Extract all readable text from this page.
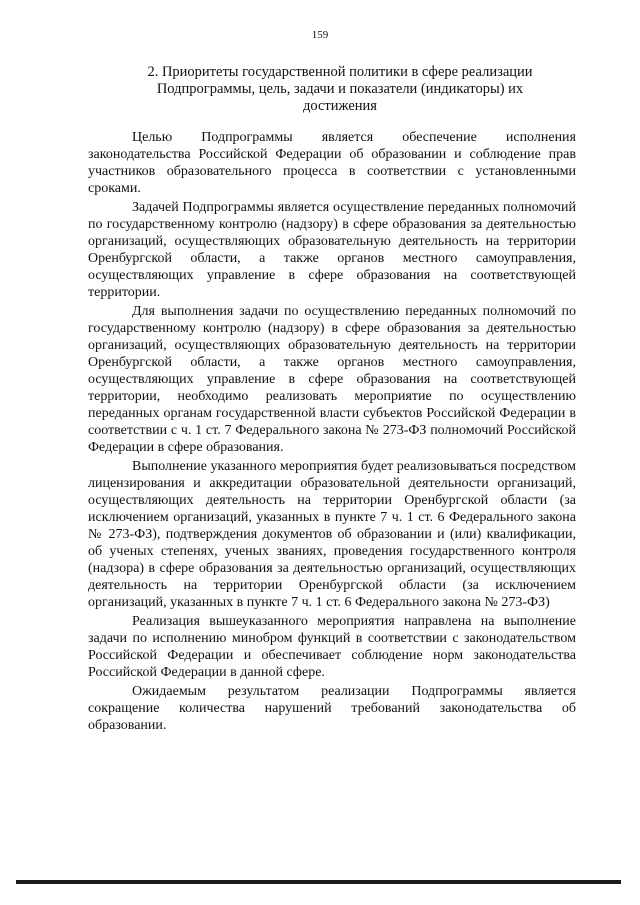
159
2. Приоритеты государственной политики в сфере реализации Подпрограммы, цель, задачи и показатели (индикаторы) их достижения

Целью Подпрограммы является обеспечение исполнения законодательства Российской Федерации об образовании и соблюдение прав участников образовательного процесса в соответствии с установленными сроками.

Задачей Подпрограммы является осуществление переданных полномочий по государственному контролю (надзору) в сфере образования за деятельностью организаций, осуществляющих образовательную деятельность на территории Оренбургской области, а также органов местного самоуправления, осуществляющих управление в сфере образования на соответствующей территории.

Для выполнения задачи по осуществлению переданных полномочий по государственному контролю (надзору) в сфере образования за деятельностью организаций, осуществляющих образовательную деятельность на территории Оренбургской области, а также органов местного самоуправления, осуществляющих управление в сфере образования на соответствующей территории, необходимо реализовать мероприятие по осуществлению переданных органам государственной власти субъектов Российской Федерации в соответствии с ч. 1 ст. 7 Федерального закона № 273-ФЗ полномочий Российской Федерации в сфере образования.

Выполнение указанного мероприятия будет реализовываться посредством лицензирования и аккредитации образовательной деятельности организаций, осуществляющих деятельность на территории Оренбургской области (за исключением организаций, указанных в пункте 7 ч. 1 ст. 6 Федерального закона № 273-ФЗ), подтверждения документов об образовании и (или) квалификации, об ученых степенях, ученых званиях, проведения государственного контроля (надзора) в сфере образования за деятельностью организаций, осуществляющих деятельность на территории Оренбургской области (за исключением организаций, указанных в пункте 7 ч. 1 ст. 6 Федерального закона № 273-ФЗ)

Реализация вышеуказанного мероприятия направлена на выполнение задачи по исполнению минобром функций в соответствии с законодательством Российской Федерации и обеспечивает соблюдение норм законодательства Российской Федерации в данной сфере.

Ожидаемым результатом реализации Подпрограммы является сокращение количества нарушений требований законодательства об образовании.
